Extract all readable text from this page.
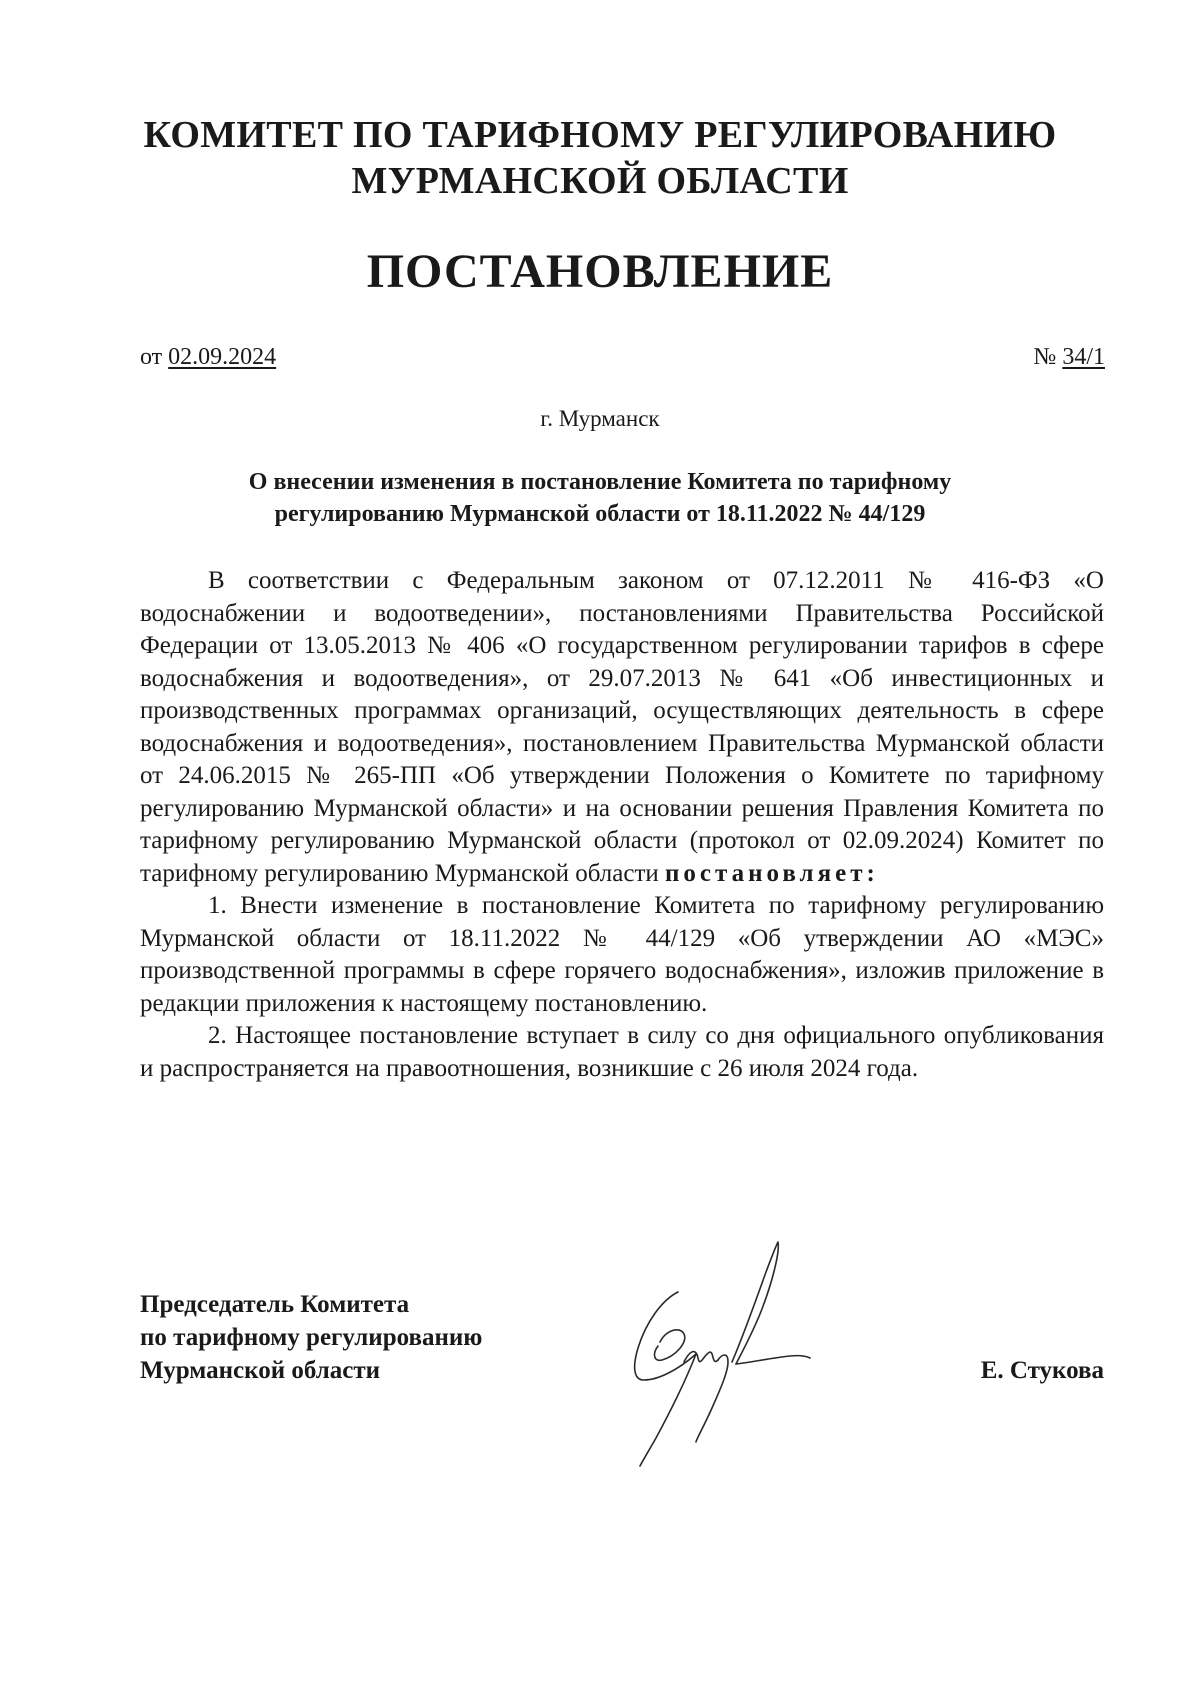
КОМИТЕТ ПО ТАРИФНОМУ РЕГУЛИРОВАНИЮ
МУРМАНСКОЙ ОБЛАСТИ
ПОСТАНОВЛЕНИЕ
от 02.09.2024	№ 34/1
г. Мурманск
О внесении изменения в постановление Комитета по тарифному
регулированию Мурманской области от 18.11.2022 № 44/129

В соответствии с Федеральным законом от 07.12.2011 № 416-ФЗ «О водоснабжении и водоотведении», постановлениями Правительства Российской Федерации от 13.05.2013 № 406 «О государственном регулировании тарифов в сфере водоснабжения и водоотведения», от 29.07.2013 № 641 «Об инвестиционных и производственных программах организаций, осуществляющих деятельность в сфере водоснабжения и водоотведения», постановлением Правительства Мурманской области от 24.06.2015 № 265-ПП «Об утверждении Положения о Комитете по тарифному регулированию Мурманской области» и на основании решения Правления Комитета по тарифному регулированию Мурманской области (протокол от 02.09.2024) Комитет по тарифному регулированию Мурманской области постановляет:

1. Внести изменение в постановление Комитета по тарифному регулированию Мурманской области от 18.11.2022 № 44/129 «Об утверждении АО «МЭС» производственной программы в сфере горячего водоснабжения», изложив приложение в редакции приложения к настоящему постановлению.

2. Настоящее постановление вступает в силу со дня официального опубликования и распространяется на правоотношения, возникшие с 26 июля 2024 года.

Председатель Комитета
по тарифному регулированию
Мурманской области	Е. Стукова
